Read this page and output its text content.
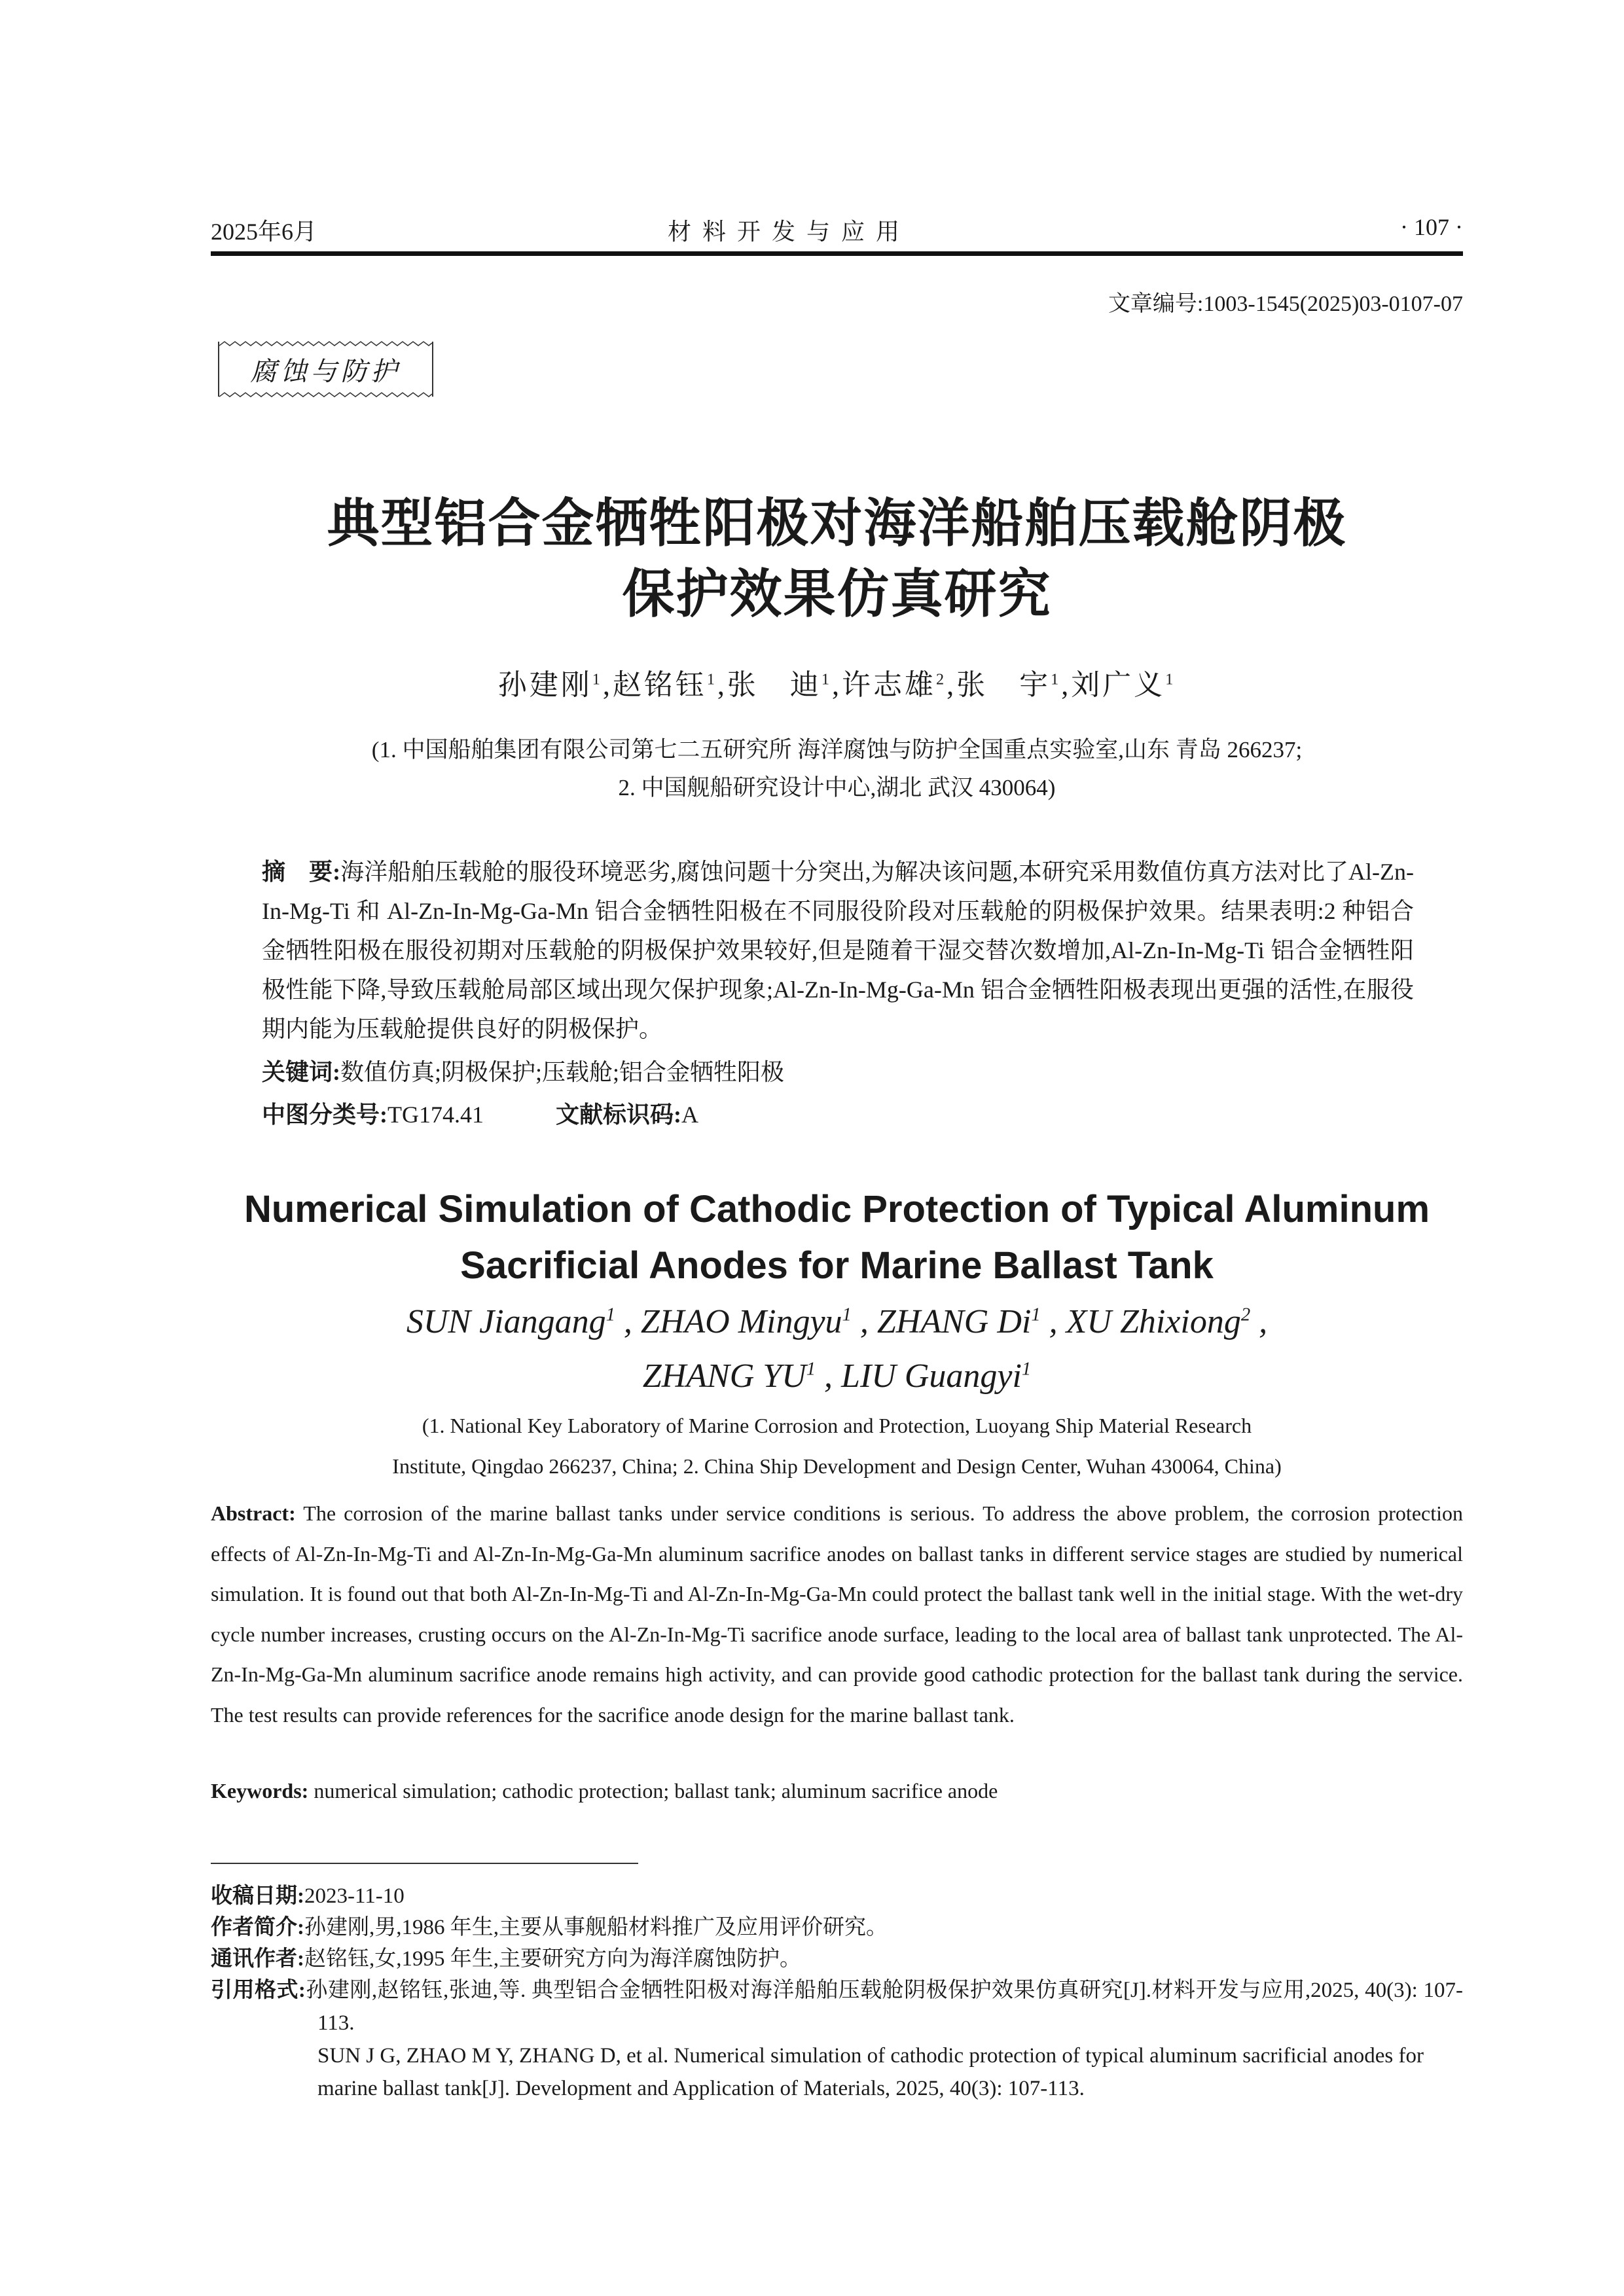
2025年6月	材 料 开 发 与 应 用	· 107 ·
文章编号:1003-1545(2025)03-0107-07
腐蚀与防护
典型铝合金牺牲阳极对海洋船舶压载舱阴极
保护效果仿真研究
孙建刚$^1$,赵铭钰$^1$,张　迪$^1$,许志雄$^2$,张　宇$^1$,刘广义$^1$
(1. 中国船舶集团有限公司第七二五研究所 海洋腐蚀与防护全国重点实验室,山东 青岛 266237;
2. 中国舰船研究设计中心,湖北 武汉 430064)
摘　要:海洋船舶压载舱的服役环境恶劣,腐蚀问题十分突出,为解决该问题,本研究采用数值仿真方法对比了Al-Zn-In-Mg-Ti 和 Al-Zn-In-Mg-Ga-Mn 铝合金牺牲阳极在不同服役阶段对压载舱的阴极保护效果。结果表明:2 种铝合金牺牲阳极在服役初期对压载舱的阴极保护效果较好,但是随着干湿交替次数增加,Al-Zn-In-Mg-Ti 铝合金牺牲阳极性能下降,导致压载舱局部区域出现欠保护现象;Al-Zn-In-Mg-Ga-Mn 铝合金牺牲阳极表现出更强的活性,在服役期内能为压载舱提供良好的阴极保护。
关键词:数值仿真;阴极保护;压载舱;铝合金牺牲阳极
中图分类号:TG174.41	文献标识码:A
Numerical Simulation of Cathodic Protection of Typical Aluminum
Sacrificial Anodes for Marine Ballast Tank
SUN Jiangang$^1$ , ZHAO Mingyu$^1$ , ZHANG Di$^1$ , XU Zhixiong$^2$ ,
ZHANG $YU^1$ , LIU Guangyi$^1$
(1. National Key Laboratory of Marine Corrosion and Protection, Luoyang Ship Material Research
Institute, Qingdao 266237, China; 2. China Ship Development and Design Center, Wuhan 430064, China)
Abstract: The corrosion of the marine ballast tanks under service conditions is serious. To address the above problem, the corrosion protection effects of Al-Zn-In-Mg-Ti and Al-Zn-In-Mg-Ga-Mn aluminum sacrifice anodes on ballast tanks in different service stages are studied by numerical simulation. It is found out that both Al-Zn-In-Mg-Ti and Al-Zn-In-Mg-Ga-Mn could protect the ballast tank well in the initial stage. With the wet-dry cycle number increases, crusting occurs on the Al-Zn-In-Mg-Ti sacrifice anode surface, leading to the local area of ballast tank unprotected. The Al-Zn-In-Mg-Ga-Mn aluminum sacrifice anode remains high activity, and can provide good cathodic protection for the ballast tank during the service. The test results can provide references for the sacrifice anode design for the marine ballast tank.
Keywords: numerical simulation; cathodic protection; ballast tank; aluminum sacrifice anode
收稿日期:2023-11-10
作者简介:孙建刚,男,1986 年生,主要从事舰船材料推广及应用评价研究。
通讯作者:赵铭钰,女,1995 年生,主要研究方向为海洋腐蚀防护。
引用格式:孙建刚,赵铭钰,张迪,等. 典型铝合金牺牲阳极对海洋船舶压载舱阴极保护效果仿真研究[J].材料开发与应用,2025, 40(3): 107-113.
SUN J G, ZHAO M Y, ZHANG D, et al. Numerical simulation of cathodic protection of typical aluminum sacrificial anodes for marine ballast tank[J]. Development and Application of Materials, 2025, 40(3): 107-113.
